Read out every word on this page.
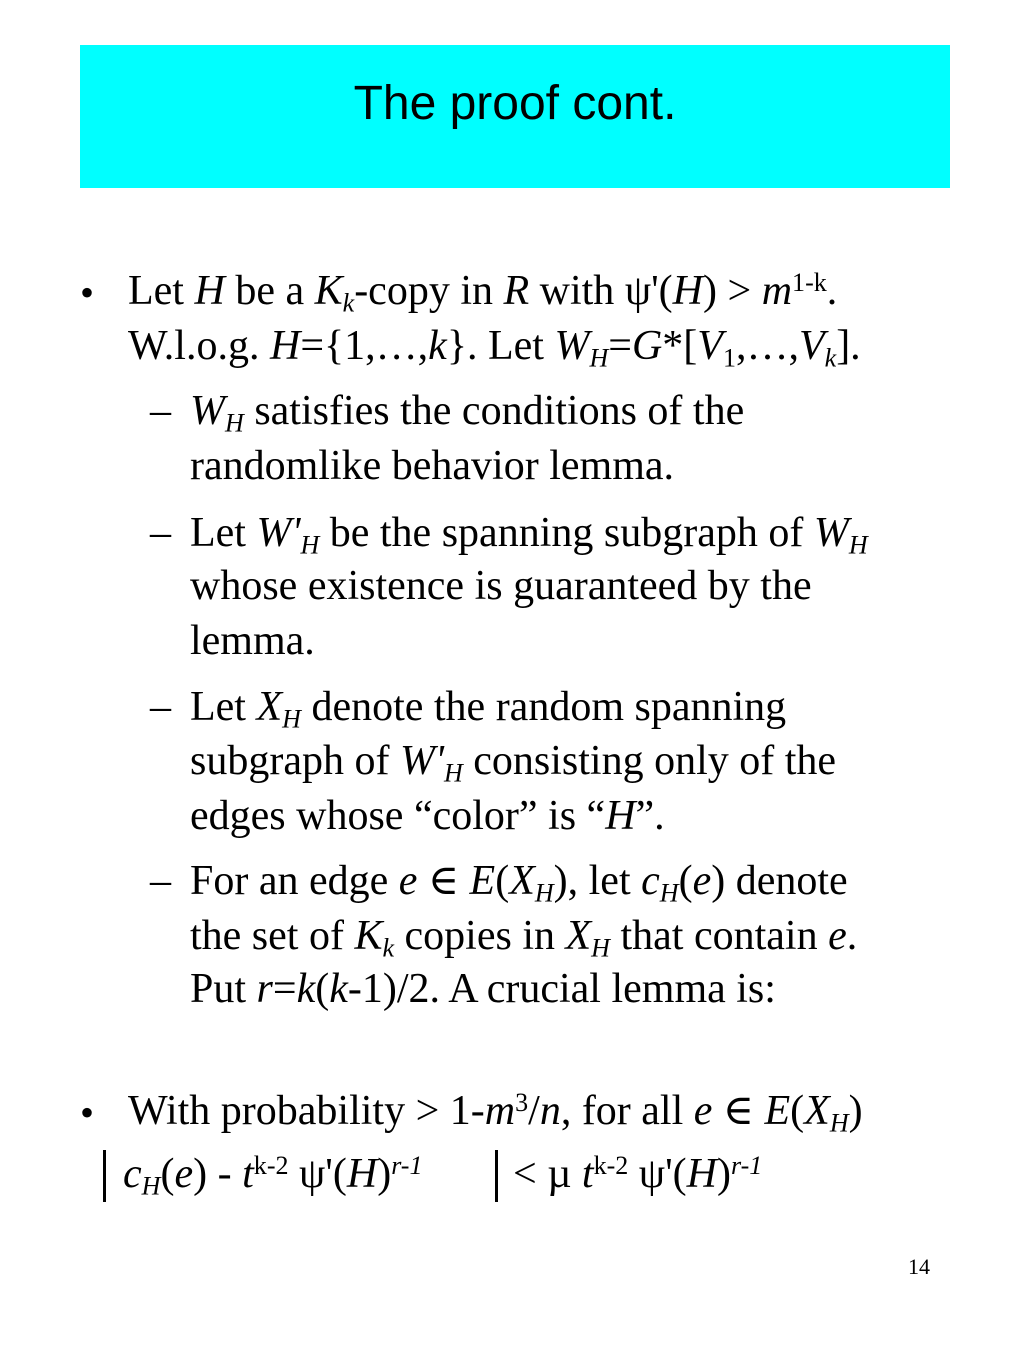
The proof cont.
• Let H be a $K_k$-copy in R with $\psi'(H) > m^{1-k}$.
W.l.o.g. H={1,…,k}. Let $W_H=G*[V_1,\dots,V_k]$.
– $W_H$ satisfies the conditions of the
randomlike behavior lemma.
– Let $W'_H$ be the spanning subgraph of $W_H$
whose existence is guaranteed by the
lemma.
– Let $X_H$ denote the random spanning
subgraph of $W'_H$ consisting only of the
edges whose “color” is “H”.
– For an edge e ∈ $E(X_H)$, let $c_H(e)$ denote
the set of $K_k$ copies in $X_H$ that contain e.
Put r=k(k-1)/2. A crucial lemma is:
• With probability > $1-m^3/n$, for all e ∈ $E(X_H)$
$c_H(e) - t^{k-2}$ $\psi'(H)^{r-1} < \mu$ $t^{k-2}$ $\psi'(H)^{r-1}$
14
